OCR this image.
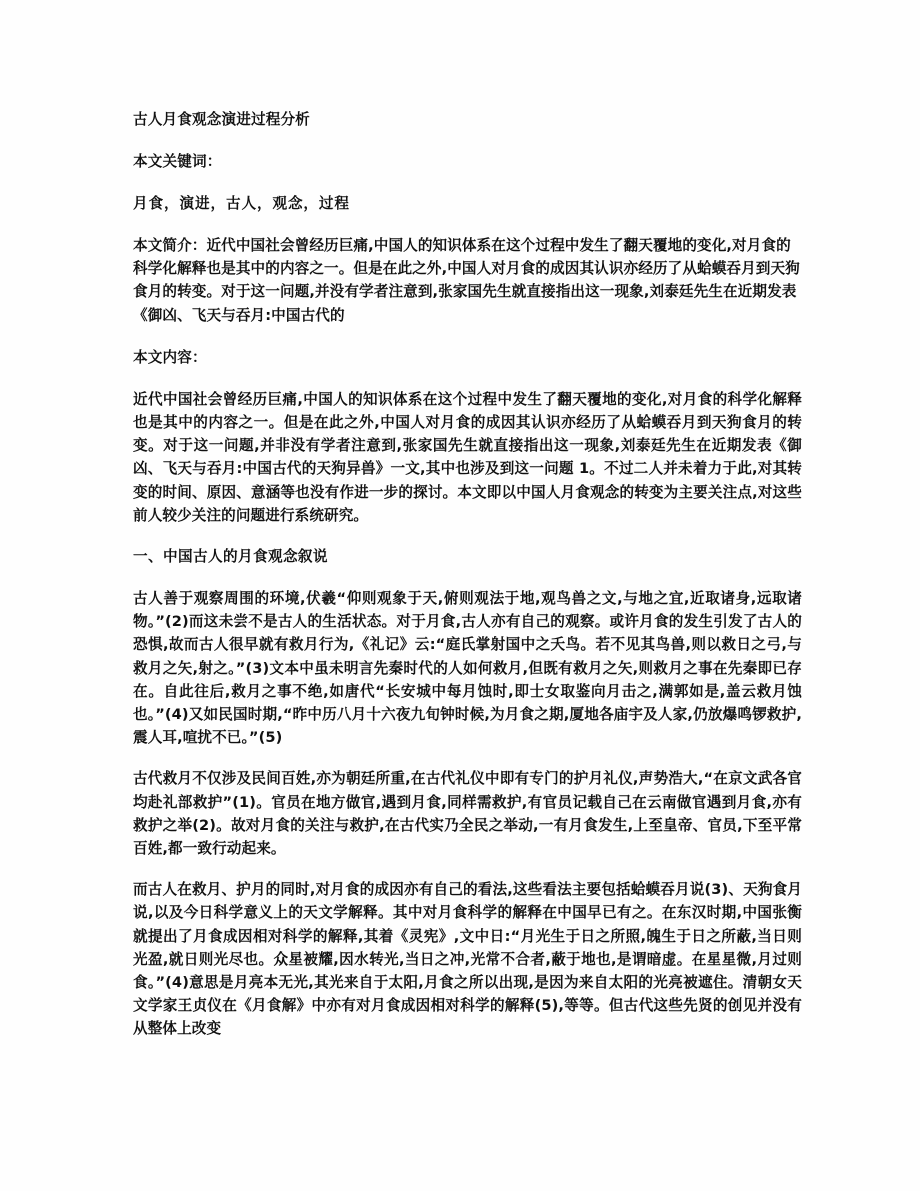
古人月食观念演进过程分析
本文关键词：
月食，演进，古人，观念，过程
本文简介：近代中国社会曾经历巨痛,中国人的知识体系在这个过程中发生了翻天覆地的变化,对月食的科学化解释也是其中的内容之一。但是在此之外,中国人对月食的成因其认识亦经历了从蛤蟆吞月到天狗食月的转变。对于这一问题,并没有学者注意到,张家国先生就直接指出这一现象,刘泰廷先生在近期发表《御凶、飞天与吞月:中国古代的
本文内容：

近代中国社会曾经历巨痛,中国人的知识体系在这个过程中发生了翻天覆地的变化,对月食的科学化解释也是其中的内容之一。但是在此之外,中国人对月食的成因其认识亦经历了从蛤蟆吞月到天狗食月的转变。对于这一问题,并非没有学者注意到,张家国先生就直接指出这一现象,刘泰廷先生在近期发表《御凶、飞天与吞月:中国古代的天狗异兽》一文,其中也涉及到这一问题 1。不过二人并未着力于此,对其转变的时间、原因、意涵等也没有作进一步的探讨。本文即以中国人月食观念的转变为主要关注点,对这些前人较少关注的问题进行系统研究。

一、中国古人的月食观念叙说

古人善于观察周围的环境,伏羲“仰则观象于天,俯则观法于地,观鸟兽之文,与地之宜,近取诸身,远取诸物。”(2)而这未尝不是古人的生活状态。对于月食,古人亦有自己的观察。或许月食的发生引发了古人的恐惧,故而古人很早就有救月行为,《礼记》云:“庭氏掌射国中之夭鸟。若不见其鸟兽,则以救日之弓,与救月之矢,射之。”(3)文本中虽未明言先秦时代的人如何救月,但既有救月之矢,则救月之事在先秦即已存在。自此往后,救月之事不绝,如唐代“长安城中每月蚀时,即士女取鉴向月击之,满郭如是,盖云救月蚀也。”(4)又如民国时期,“昨中历八月十六夜九旬钟时候,为月食之期,厦地各庙宇及人家,仍放爆鸣锣救护,震人耳,喧扰不已。”(5)

古代救月不仅涉及民间百姓,亦为朝廷所重,在古代礼仪中即有专门的护月礼仪,声势浩大,“在京文武各官均赴礼部救护”(1)。官员在地方做官,遇到月食,同样需救护,有官员记载自己在云南做官遇到月食,亦有救护之举(2)。故对月食的关注与救护,在古代实乃全民之举动,一有月食发生,上至皇帝、官员,下至平常百姓,都一致行动起来。

而古人在救月、护月的同时,对月食的成因亦有自己的看法,这些看法主要包括蛤蟆吞月说(3)、天狗食月说,以及今日科学意义上的天文学解释。其中对月食科学的解释在中国早已有之。在东汉时期,中国张衡就提出了月食成因相对科学的解释,其着《灵宪》,文中日:“月光生于日之所照,魄生于日之所蔽,当日则光盈,就日则光尽也。众星被耀,因水转光,当日之冲,光常不合者,蔽于地也,是谓暗虚。在星星微,月过则食。”(4)意思是月亮本无光,其光来自于太阳,月食之所以出现,是因为来自太阳的光亮被遮住。清朝女天文学家王贞仪在《月食解》中亦有对月食成因相对科学的解释(5),等等。但古代这些先贤的创见并没有从整体上改变
